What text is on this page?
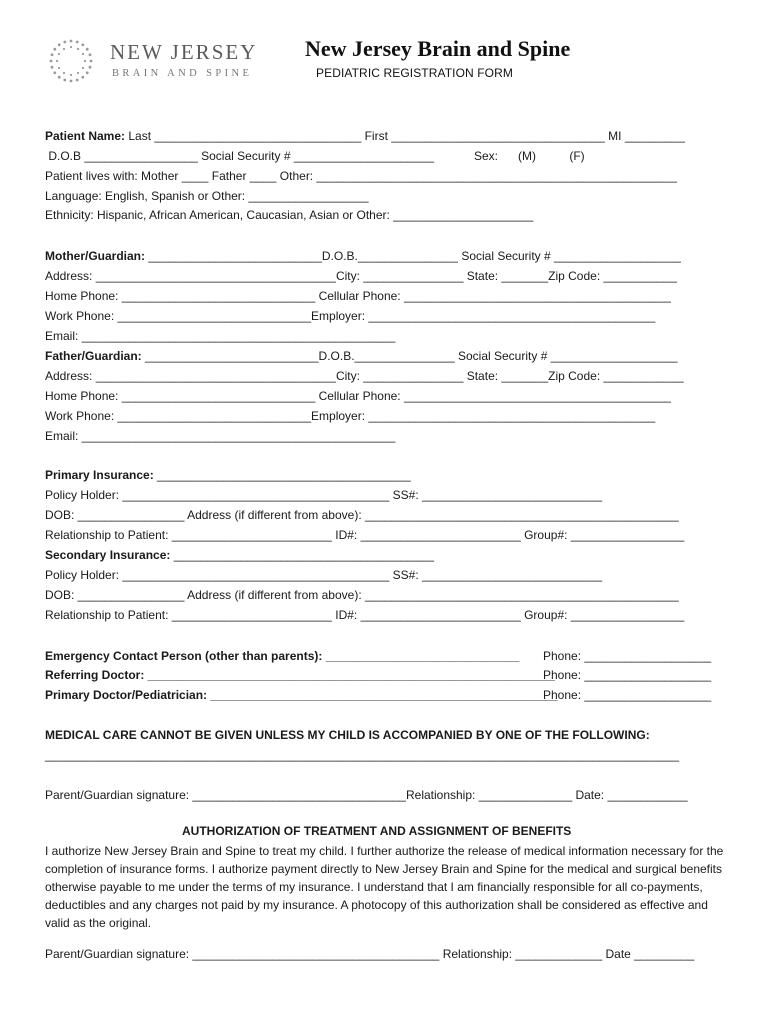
NEW JERSEY
BRAIN AND SPINE
New Jersey Brain and Spine
PEDIATRIC REGISTRATION FORM
Patient Name: Last _______________________________ First ________________________________ MI _________
D.O.B _________________ Social Security # _____________________            Sex:      (M)          (F)
Patient lives with: Mother ____ Father ____ Other: ______________________________________________________
Language: English, Spanish or Other: __________________
Ethnicity: Hispanic, African American, Caucasian, Asian or Other: _____________________
Mother/Guardian: __________________________D.O.B._______________ Social Security # ___________________
Address: ____________________________________City: _______________ State: _______Zip Code: ___________
Home Phone: _____________________________ Cellular Phone: ________________________________________
Work Phone: _____________________________Employer: ___________________________________________
Email: _______________________________________________
Father/Guardian: __________________________D.O.B._______________ Social Security # ___________________
Address: ____________________________________City: _______________ State: _______Zip Code: ____________
Home Phone: _____________________________ Cellular Phone: ________________________________________
Work Phone: _____________________________Employer: ___________________________________________
Email: _______________________________________________
Primary Insurance: ______________________________________
Policy Holder: ________________________________________ SS#: ___________________________
DOB: ________________ Address (if different from above): _______________________________________________
Relationship to Patient: ________________________ ID#: ________________________ Group#: _________________
Secondary Insurance: _______________________________________
Policy Holder: ________________________________________ SS#: ___________________________
DOB: ________________ Address (if different from above): _______________________________________________
Relationship to Patient: ________________________ ID#: ________________________ Group#: _________________
Emergency Contact Person (other than parents): _____________________________
Referring Doctor: _____________________________________________________________
Primary Doctor/Pediatrician: ____________________________________________________
Phone: ___________________
Phone: ___________________
Phone: ___________________
MEDICAL CARE CANNOT BE GIVEN UNLESS MY CHILD IS ACCOMPANIED BY ONE OF THE FOLLOWING:
_______________________________________________________________________________________________
Parent/Guardian signature: ________________________________Relationship: ______________ Date: ____________
AUTHORIZATION OF TREATMENT AND ASSIGNMENT OF BENEFITS
I authorize New Jersey Brain and Spine to treat my child. I further authorize the release of medical information necessary for the completion of insurance forms. I authorize payment directly to New Jersey Brain and Spine for the medical and surgical benefits otherwise payable to me under the terms of my insurance. I understand that I am financially responsible for all co-payments, deductibles and any charges not paid by my insurance. A photocopy of this authorization shall be considered as effective and valid as the original.
Parent/Guardian signature: _____________________________________ Relationship: _____________ Date _________
